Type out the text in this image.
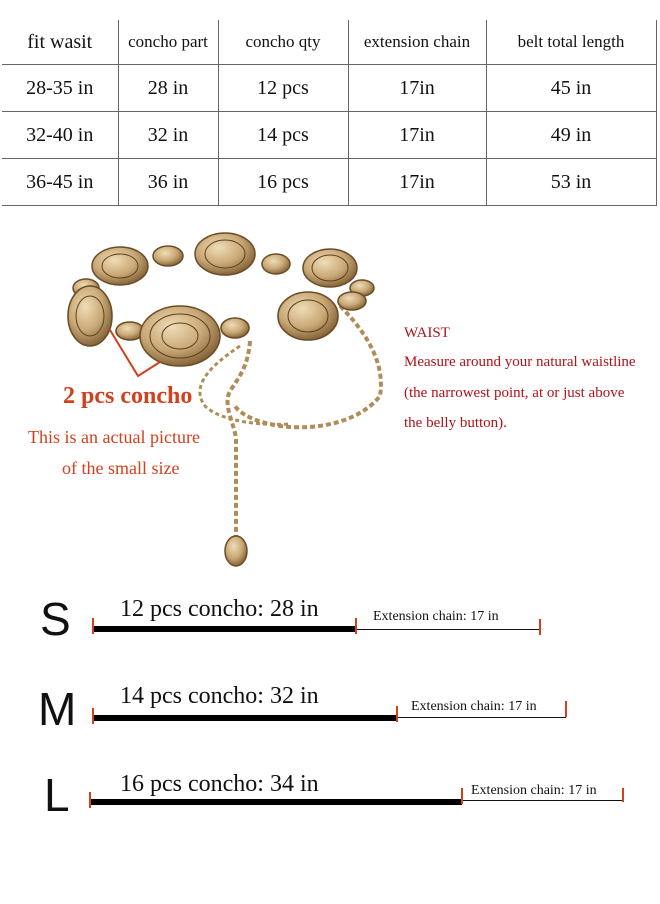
fit wasit	concho part	concho qty	extension chain	belt total length
28-35 in	28 in	12 pcs	17in	45 in
32-40 in	32 in	14 pcs	17in	49 in
36-45 in	36 in	16 pcs	17in	53 in
2 pcs concho
This is an actual picture
of the small size
WAIST
Measure around your natural waistline
(the narrowest point, at or just above
the belly button).
S 12 pcs concho: 28 in	Extension chain: 17 in
M 14 pcs concho: 32 in	Extension chain: 17 in
L 16 pcs concho: 34 in	Extension chain: 17 in
